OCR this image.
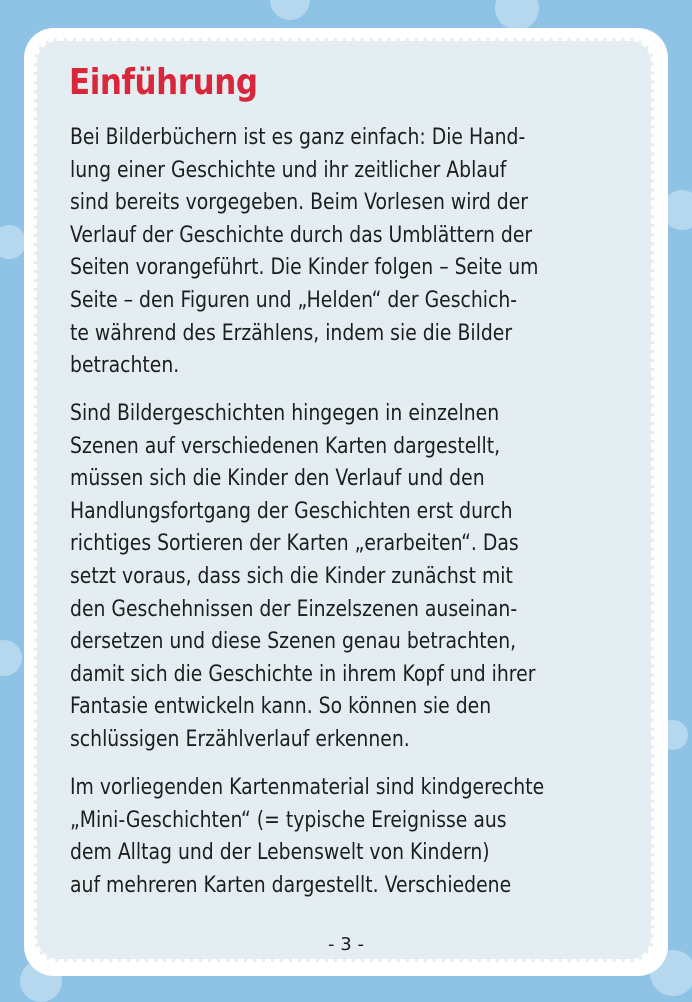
Einführung

Bei Bilderbüchern ist es ganz einfach: Die Hand-
lung einer Geschichte und ihr zeitlicher Ablauf
sind bereits vorgegeben. Beim Vorlesen wird der
Verlauf der Geschichte durch das Umblättern der
Seiten vorangeführt. Die Kinder folgen – Seite um
Seite – den Figuren und „Helden“ der Geschich-
te während des Erzählens, indem sie die Bilder
betrachten.

Sind Bildergeschichten hingegen in einzelnen
Szenen auf verschiedenen Karten dargestellt,
müssen sich die Kinder den Verlauf und den
Handlungsfortgang der Geschichten erst durch
richtiges Sortieren der Karten „erarbeiten“. Das
setzt voraus, dass sich die Kinder zunächst mit
den Geschehnissen der Einzelszenen auseinan-
dersetzen und diese Szenen genau betrachten,
damit sich die Geschichte in ihrem Kopf und ihrer
Fantasie entwickeln kann. So können sie den
schlüssigen Erzählverlauf erkennen.

Im vorliegenden Kartenmaterial sind kindgerechte
„Mini-Geschichten“ (= typische Ereignisse aus
dem Alltag und der Lebenswelt von Kindern)
auf mehreren Karten dargestellt. Verschiedene

- 3 -
